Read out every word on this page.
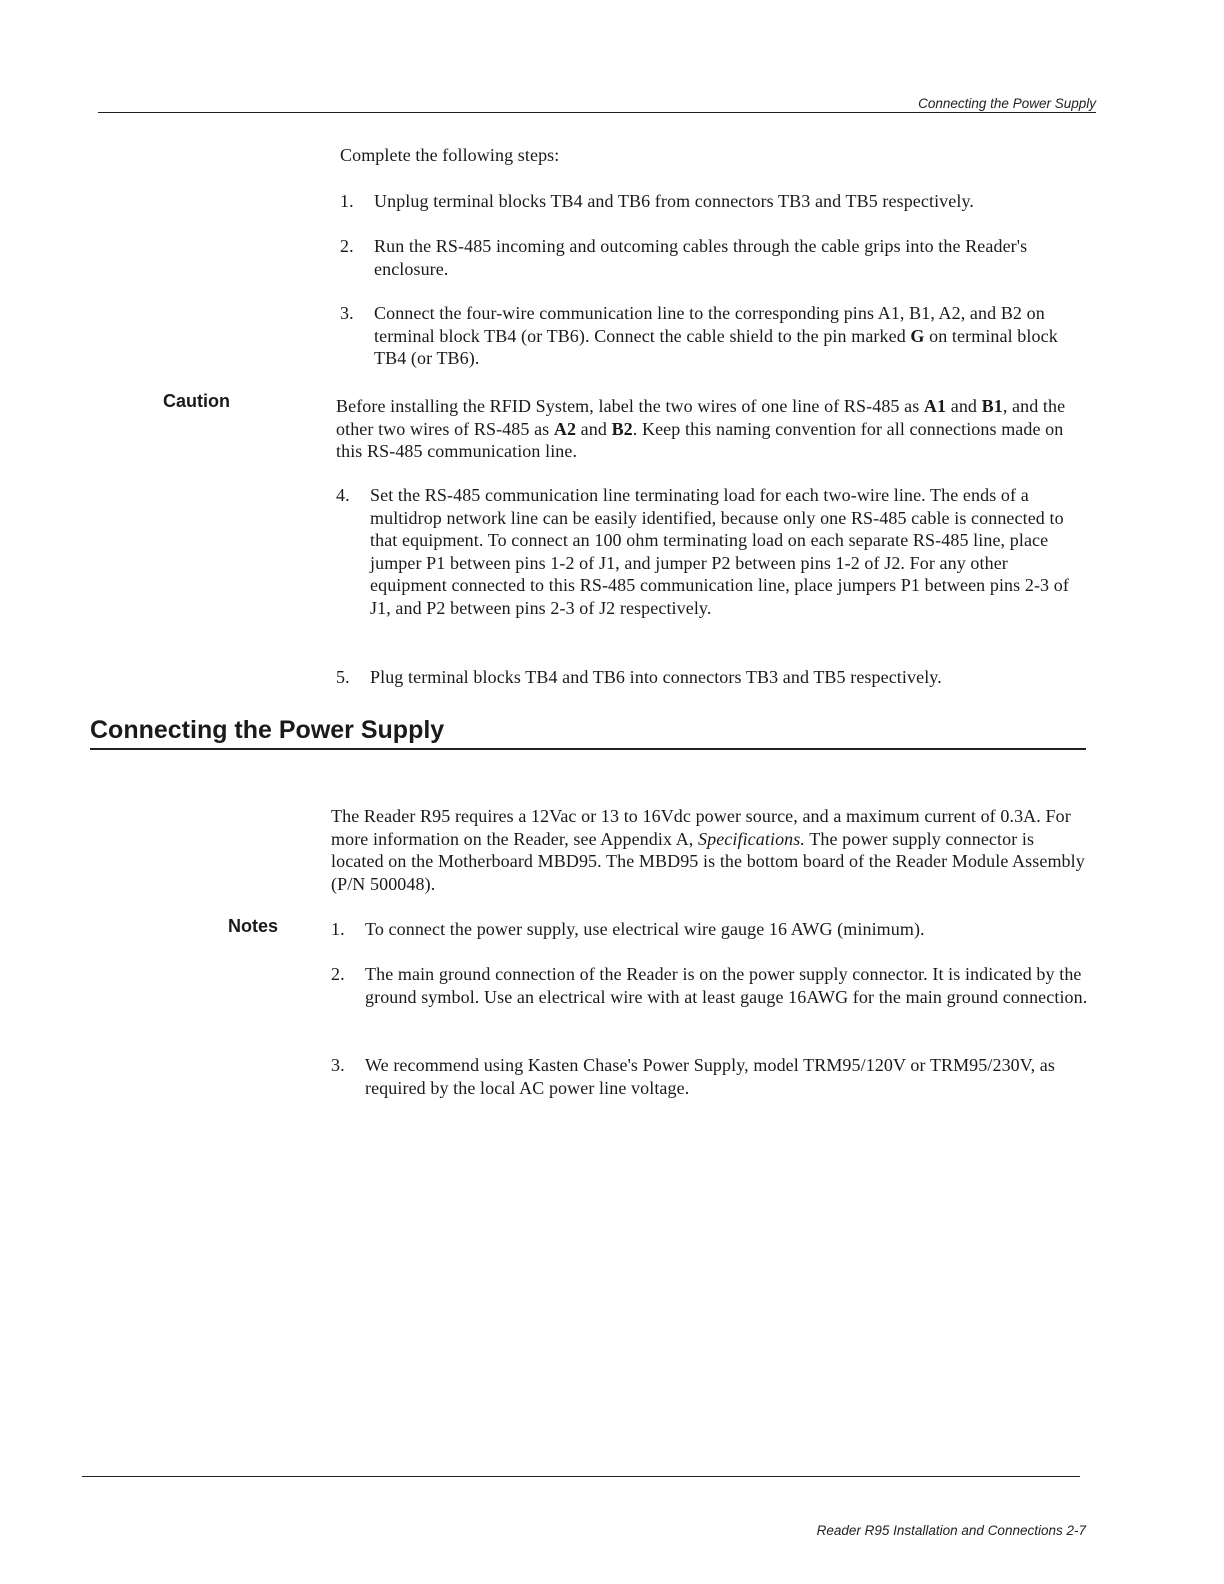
Connecting the Power Supply
Complete the following steps:
1.	Unplug terminal blocks TB4 and TB6 from connectors TB3 and TB5 respectively.
2.	Run the RS-485 incoming and outcoming cables through the cable grips into the Reader's enclosure.
3.	Connect the four-wire communication line to the corresponding pins A1, B1, A2, and B2 on terminal block TB4 (or TB6). Connect the cable shield to the pin marked G on terminal block TB4 (or TB6).
Caution	Before installing the RFID System, label the two wires of one line of RS-485 as A1 and B1, and the other two wires of RS-485 as A2 and B2. Keep this naming convention for all connections made on this RS-485 communication line.
4.	Set the RS-485 communication line terminating load for each two-wire line. The ends of a multidrop network line can be easily identified, because only one RS-485 cable is connected to that equipment. To connect an 100 ohm terminating load on each separate RS-485 line, place jumper P1 between pins 1-2 of J1, and jumper P2 between pins 1-2 of J2. For any other equipment connected to this RS-485 communication line, place jumpers P1 between pins 2-3 of J1, and P2 between pins 2-3 of J2 respectively.
5.	Plug terminal blocks TB4 and TB6 into connectors TB3 and TB5 respectively.
Connecting the Power Supply
The Reader R95 requires a 12Vac or 13 to 16Vdc power source, and a maximum current of 0.3A. For more information on the Reader, see Appendix A, Specifications. The power supply connector is located on the Motherboard MBD95. The MBD95 is the bottom board of the Reader Module Assembly (P/N 500048).
Notes	1.	To connect the power supply, use electrical wire gauge 16 AWG (minimum).
2.	The main ground connection of the Reader is on the power supply connector. It is indicated by the ground symbol. Use an electrical wire with at least gauge 16AWG for the main ground connection.
3.	We recommend using Kasten Chase's Power Supply, model TRM95/120V or TRM95/230V, as required by the local AC power line voltage.
Reader R95 Installation and Connections 2-7
